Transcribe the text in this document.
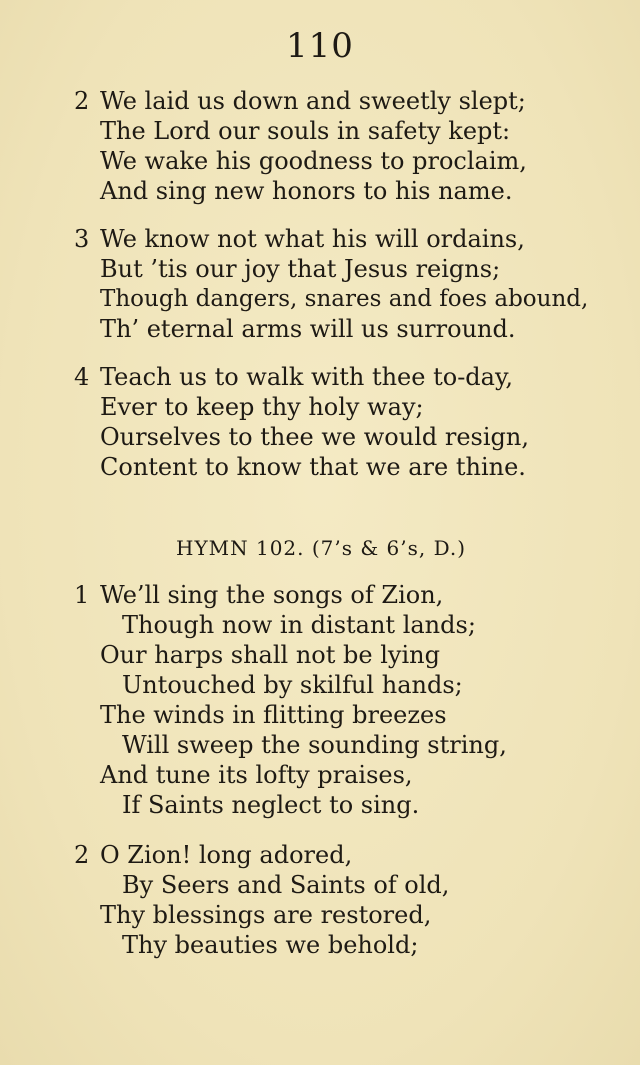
110
2 We laid us down and sweetly slept;
The Lord our souls in safety kept:
We wake his goodness to proclaim,
And sing new honors to his name.
3 We know not what his will ordains,
But ’tis our joy that Jesus reigns;
Though dangers, snares and foes abound,
Th’ eternal arms will us surround.
4 Teach us to walk with thee to-day,
Ever to keep thy holy way;
Ourselves to thee we would resign,
Content to know that we are thine.
HYMN 102. (7’s & 6’s, D.)
1 We’ll sing the songs of Zion,
Though now in distant lands;
Our harps shall not be lying
Untouched by skilful hands;
The winds in flitting breezes
Will sweep the sounding string,
And tune its lofty praises,
If Saints neglect to sing.
2 O Zion! long adored,
By Seers and Saints of old,
Thy blessings are restored,
Thy beauties we behold;
